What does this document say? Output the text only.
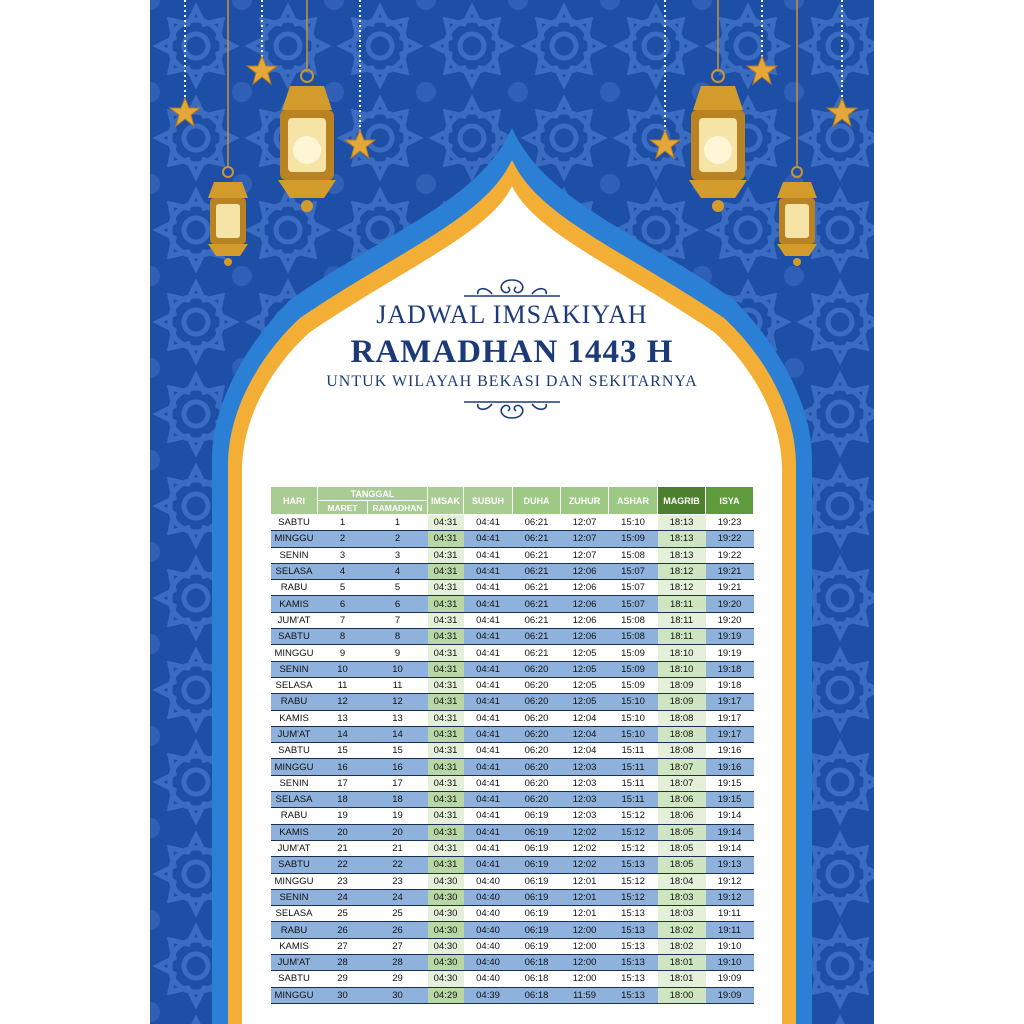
JADWAL IMSAKIYAH
RAMADHAN 1443 H
UNTUK WILAYAH BEKASI DAN SEKITARNYA
HARI	TANGGAL		IMSAK	SUBUH	DUHA	ZUHUR	ASHAR	MAGRIB	ISYA
	MARET	RAMADHAN							
SABTU	1	1	04:31	04:41	06:21	12:07	15:10	18:13	19:23
MINGGU	2	2	04:31	04:41	06:21	12:07	15:09	18:13	19:22
SENIN	3	3	04:31	04:41	06:21	12:07	15:08	18:13	19:22
SELASA	4	4	04:31	04:41	06:21	12:06	15:07	18:12	19:21
RABU	5	5	04:31	04:41	06:21	12:06	15:07	18:12	19:21
KAMIS	6	6	04:31	04:41	06:21	12:06	15:07	18:11	19:20
JUM'AT	7	7	04:31	04:41	06:21	12:06	15:08	18:11	19:20
SABTU	8	8	04:31	04:41	06:21	12:06	15:08	18:11	19:19
MINGGU	9	9	04:31	04:41	06:21	12:05	15:09	18:10	19:19
SENIN	10	10	04:31	04:41	06:20	12:05	15:09	18:10	19:18
SELASA	11	11	04:31	04:41	06:20	12:05	15:09	18:09	19:18
RABU	12	12	04:31	04:41	06:20	12:05	15:10	18:09	19:17
KAMIS	13	13	04:31	04:41	06:20	12:04	15:10	18:08	19:17
JUM'AT	14	14	04:31	04:41	06:20	12:04	15:10	18:08	19:17
SABTU	15	15	04:31	04:41	06:20	12:04	15:11	18:08	19:16
MINGGU	16	16	04:31	04:41	06:20	12:03	15:11	18:07	19:16
SENIN	17	17	04:31	04:41	06:20	12:03	15:11	18:07	19:15
SELASA	18	18	04:31	04:41	06:20	12:03	15:11	18:06	19:15
RABU	19	19	04:31	04:41	06:19	12:03	15:12	18:06	19:14
KAMIS	20	20	04:31	04:41	06:19	12:02	15:12	18:05	19:14
JUM'AT	21	21	04:31	04:41	06:19	12:02	15:12	18:05	19:14
SABTU	22	22	04:31	04:41	06:19	12:02	15:13	18:05	19:13
MINGGU	23	23	04:30	04:40	06:19	12:01	15:12	18:04	19:12
SENIN	24	24	04:30	04:40	06:19	12:01	15:12	18:03	19:12
SELASA	25	25	04:30	04:40	06:19	12:01	15:13	18:03	19:11
RABU	26	26	04:30	04:40	06:19	12:00	15:13	18:02	19:11
KAMIS	27	27	04:30	04:40	06:19	12:00	15:13	18:02	19:10
JUM'AT	28	28	04:30	04:40	06:18	12:00	15:13	18:01	19:10
SABTU	29	29	04:30	04:40	06:18	12:00	15:13	18:01	19:09
MINGGU	30	30	04:29	04:39	06:18	11:59	15:13	18:00	19:09
